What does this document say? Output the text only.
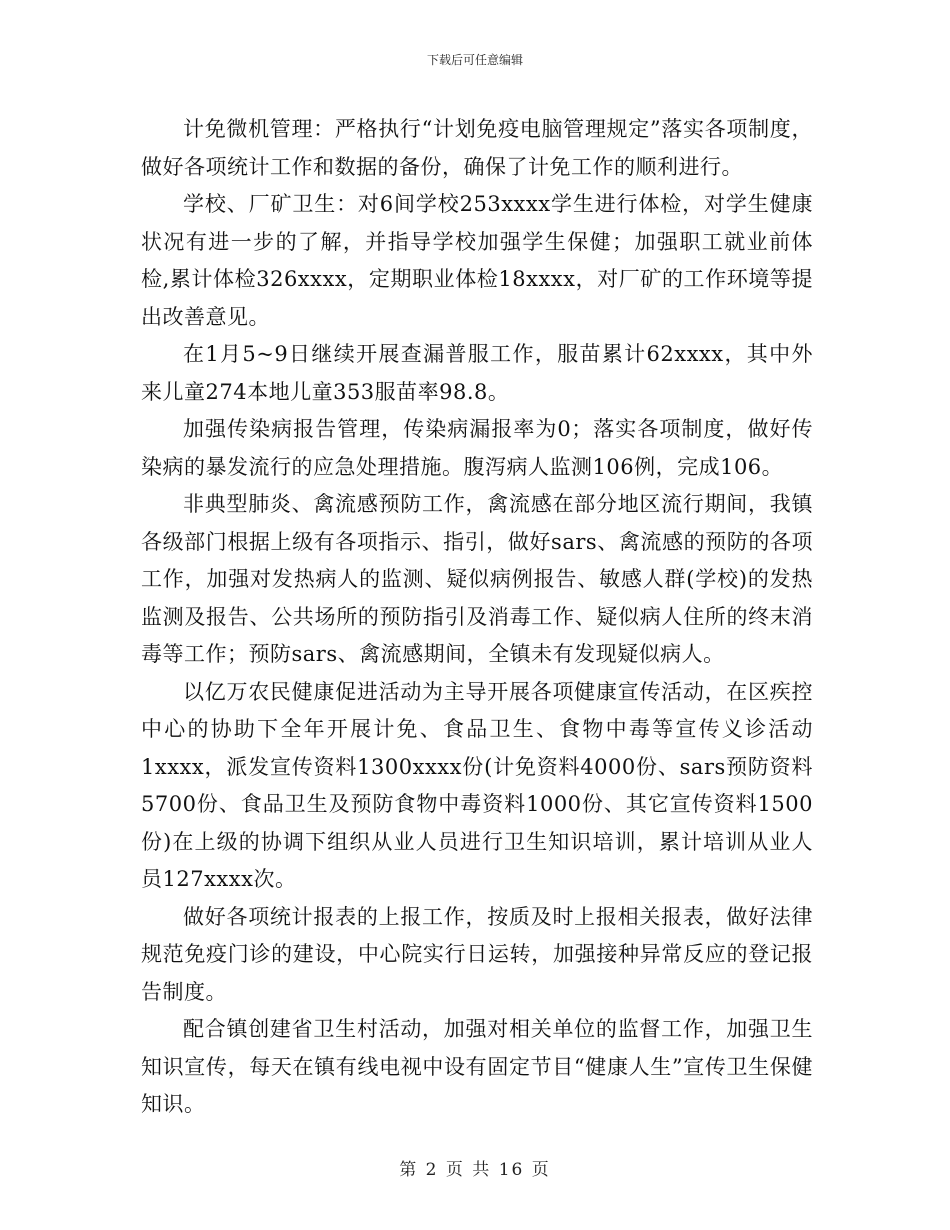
下载后可任意编辑

计免微机管理：严格执行“计划免疫电脑管理规定”落实各项制度，做好各项统计工作和数据的备份，确保了计免工作的顺利进行。

学校、厂矿卫生：对6间学校253xxxx学生进行体检，对学生健康状况有进一步的了解，并指导学校加强学生保健；加强职工就业前体检,累计体检326xxxx，定期职业体检18xxxx，对厂矿的工作环境等提出改善意见。

在1月5~9日继续开展查漏普服工作，服苗累计62xxxx，其中外来儿童274本地儿童353服苗率98.8。

加强传染病报告管理，传染病漏报率为0；落实各项制度，做好传染病的暴发流行的应急处理措施。腹泻病人监测106例，完成106。

非典型肺炎、禽流感预防工作，禽流感在部分地区流行期间，我镇各级部门根据上级有各项指示、指引，做好sars、禽流感的预防的各项工作，加强对发热病人的监测、疑似病例报告、敏感人群(学校)的发热监测及报告、公共场所的预防指引及消毒工作、疑似病人住所的终末消毒等工作；预防sars、禽流感期间，全镇未有发现疑似病人。

以亿万农民健康促进活动为主导开展各项健康宣传活动，在区疾控中心的协助下全年开展计免、食品卫生、食物中毒等宣传义诊活动1xxxx，派发宣传资料1300xxxx份(计免资料4000份、sars预防资料5700份、食品卫生及预防食物中毒资料1000份、其它宣传资料1500份)在上级的协调下组织从业人员进行卫生知识培训，累计培训从业人员127xxxx次。

做好各项统计报表的上报工作，按质及时上报相关报表，做好法律规范免疫门诊的建设，中心院实行日运转，加强接种异常反应的登记报告制度。

配合镇创建省卫生村活动，加强对相关单位的监督工作，加强卫生知识宣传，每天在镇有线电视中设有固定节目“健康人生”宣传卫生保健知识。

第 2 页 共 16 页
